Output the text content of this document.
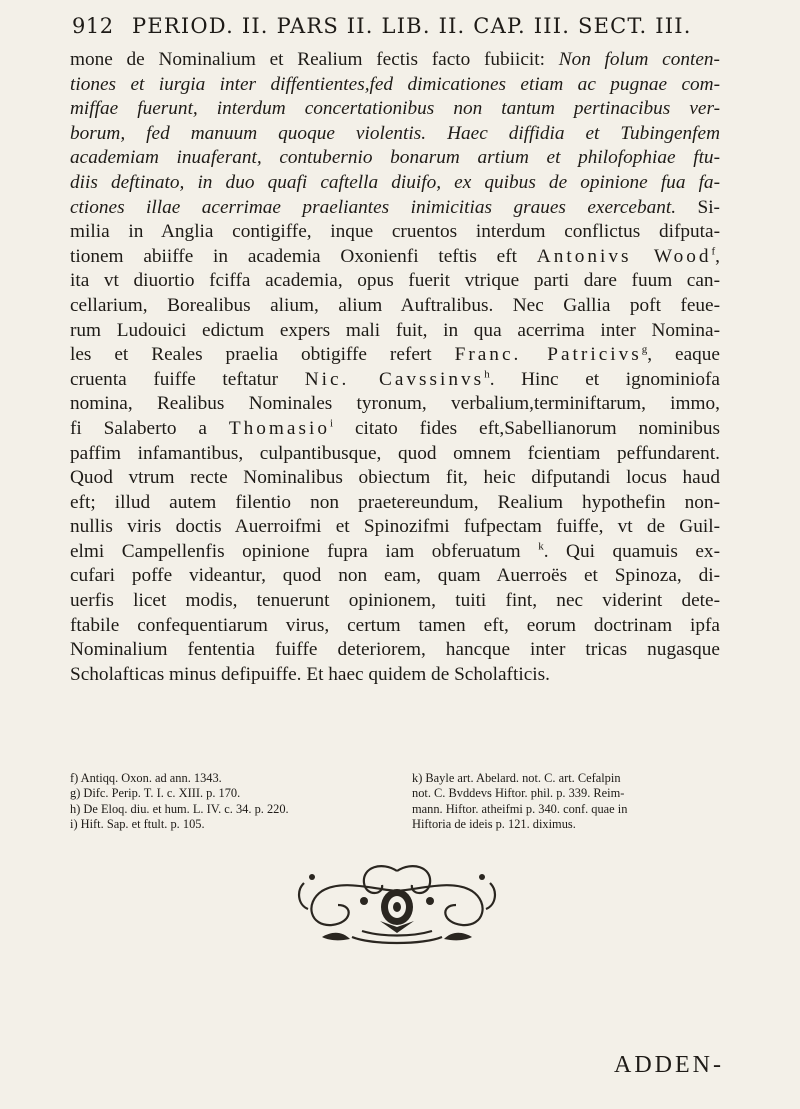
912 PERIOD. II. PARS II. LIB. II. CAP. III. SECT. III.
mone de Nominalium et Realium fectis facto fubiicit: Non folum conten-
tiones et iurgia inter diffentientes,fed dimicationes etiam ac pugnae com-
miffae fuerunt, interdum concertationibus non tantum pertinacibus ver-
borum, fed manuum quoque violentis. Haec diffidia et Tubingenfem
academiam inuaferant, contubernio bonarum artium et philofophiae ftu-
diis deftinato, in duo quafi caftella diuifo, ex quibus de opinione fua fa-
ctiones illae acerrimae praeliantes inimicitias graues exercebant. Si-
milia in Anglia contigiffe, inque cruentos interdum conflictus difputa-
tionem abiiffe in academia Oxonienfi teftis eft Antonivs Wood$^f$,
ita vt diuortio fciffa academia, opus fuerit vtrique parti dare fuum can-
cellarium, Borealibus alium, alium Auftralibus. Nec Gallia poft feue-
rum Ludouici edictum expers mali fuit, in qua acerrima inter Nomina-
les et Reales praelia obtigiffe refert Franc. Patricivs$^g$, eaque
cruenta fuiffe teftatur Nic. Cavssinvs$^h$. Hinc et ignominiofa
nomina, Realibus Nominales tyronum, verbalium,terminiftarum, immo,
fi Salaberto a Thomasio$^i$ citato fides eft,Sabellianorum nominibus
paffim infamantibus, culpantibusque, quod omnem fcientiam peffundarent.
Quod vtrum recte Nominalibus obiectum fit, heic difputandi locus haud
eft; illud autem filentio non praetereundum, Realium hypothefin non-
nullis viris doctis Auerroifmi et Spinozifmi fufpectam fuiffe, vt de Guil-
elmi Campellenfis opinione fupra iam obferuatum $^k$. Qui quamuis ex-
cufari poffe videantur, quod non eam, quam Auerroës et Spinoza, di-
uerfis licet modis, tenuerunt opinionem, tuiti fint, nec viderint dete-
ftabile confequentiarum virus, certum tamen eft, eorum doctrinam ipfa
Nominalium fententia fuiffe deteriorem, hancque inter tricas nugasque
Scholafticas minus defipuiffe. Et haec quidem de Scholafticis.
f) Antiqq. Oxon. ad ann. 1343.
g) Difc. Perip. T. I. c. XIII. p. 170.
h) De Eloq. diu. et hum. L. IV. c. 34. p. 220.
i) Hift. Sap. et ftult. p. 105.
k) Bayle art. Abelard. not. C. art. Cefalpin
not. C. Bvddevs Hiftor. phil. p. 339. Reim-
mann. Hiftor. atheifmi p. 340. conf. quae in
Hiftoria de ideis p. 121. diximus.
ADDEN-
